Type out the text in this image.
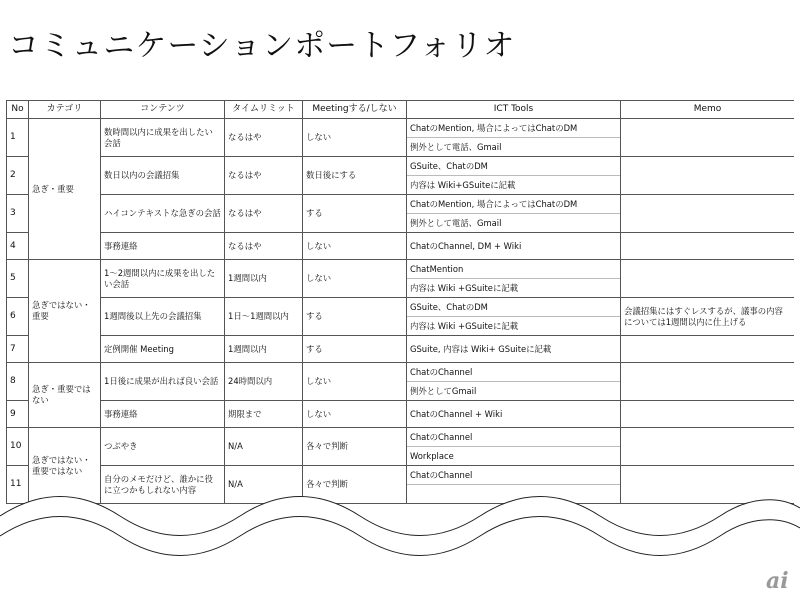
コミュニケーションポートフォリオ
No	カテゴリ	コンテンツ	タイムリミット	Meetingする/しない	ICT Tools	Memo
1	急ぎ・重要	数時間以内に成果を出したい会話	なるはや	しない	ChatのMention, 場合によってはChatのDM
例外として電話、Gmail	

2		数日以内の会議招集	なるはや	数日後にする	GSuite、ChatのDM
内容は Wiki+GSuiteに記載	

3		ハイコンテキストな急ぎの会話	なるはや	する	ChatのMention, 場合によってはChatのDM
例外として電話、Gmail	

4		事務連絡	なるはや	しない	ChatのChannel, DM + Wiki	
5	急ぎではない・重要	1～2週間以内に成果を出したい会話	1週間以内	しない	ChatMention
内容は Wiki +GSuiteに記載	

6		1週間後以上先の会議招集	1日～1週間以内	する	GSuite、ChatのDM
内容は Wiki +GSuiteに記載	会議招集にはすぐレスするが、議事の内容については1週間以内に仕上げる
7		定例開催 Meeting	1週間以内	する	GSuite, 内容は Wiki+ GSuiteに記載	
8	急ぎ・重要ではない	1日後に成果が出れば良い会話	24時間以内	しない	ChatのChannel
例外としてGmail	

9		事務連絡	期限まで	しない	ChatのChannel + Wiki	
10	急ぎではない・重要ではない	つぶやき	N/A	各々で判断	ChatのChannel
Workplace	

11		自分のメモだけど、誰かに役に立つかもしれない内容	N/A	各々で判断	ChatのChannel	

ai
